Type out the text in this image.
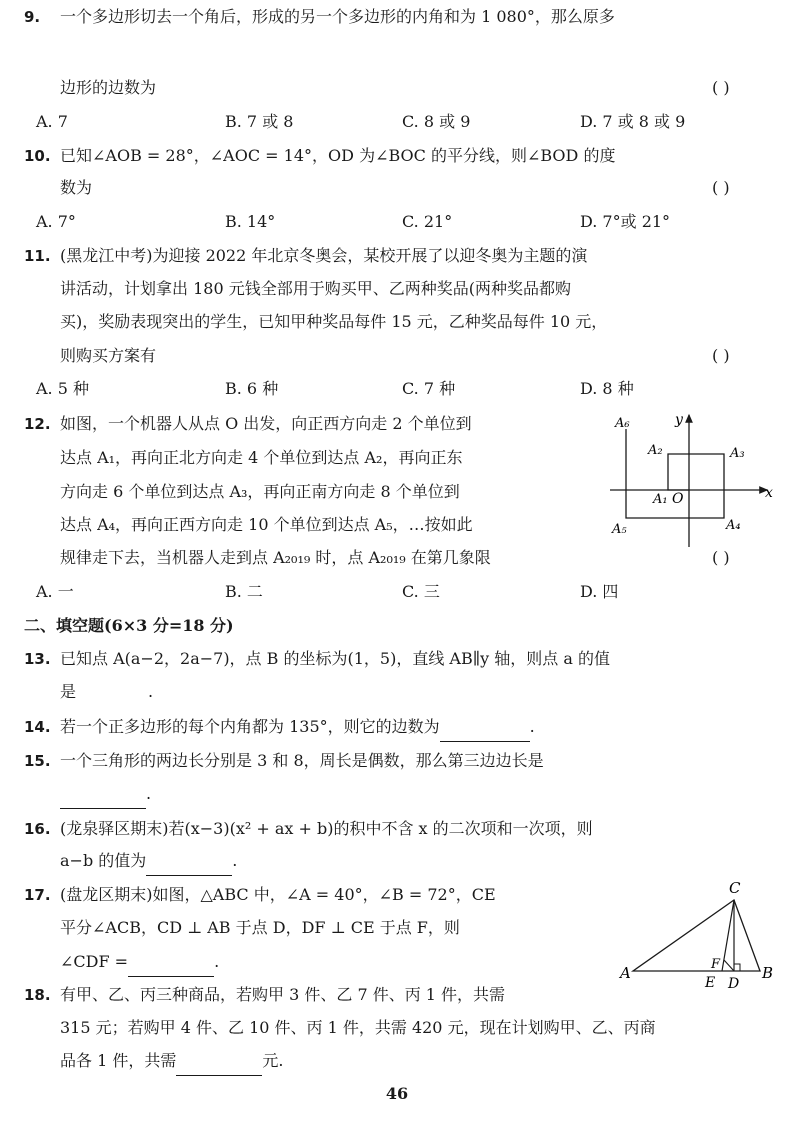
9. 一个多边形切去一个角后，形成的另一个多边形的内角和为 1 080°，那么原多
边形的边数为	( )
A. 7	B. 7 或 8	C. 8 或 9	D. 7 或 8 或 9
10. 已知∠AOB = 28°，∠AOC = 14°，OD 为∠BOC 的平分线，则∠BOD 的度
数为	( )
A. 7°	B. 14°	C. 21°	D. 7°或 21°
11. (黑龙江中考)为迎接 2022 年北京冬奥会，某校开展了以迎冬奥为主题的演
讲活动，计划拿出 180 元钱全部用于购买甲、乙两种奖品(两种奖品都购
买)，奖励表现突出的学生，已知甲种奖品每件 15 元，乙种奖品每件 10 元，
则购买方案有	( )
A. 5 种	B. 6 种	C. 7 种	D. 8 种
12. 如图，一个机器人从点 O 出发，向正西方向走 2 个单位到
达点 A₁，再向正北方向走 4 个单位到达点 A₂，再向正东
方向走 6 个单位到达点 A₃，再向正南方向走 8 个单位到
达点 A₄，再向正西方向走 10 个单位到达点 A₅，…按如此
规律走下去，当机器人走到点 A₂₀₁₉ 时，点 A₂₀₁₉ 在第几象限	( )
A. 一	B. 二	C. 三	D. 四
A₆	y
A₂	A₃
A₁ O	x
A₅	A₄
二、填空题(6×3 分=18 分)
13. 已知点 A(a−2，2a−7)，点 B 的坐标为(1，5)，直线 AB∥y 轴，则点 a 的值
是	.
14. 若一个正多边形的每个内角都为 135°，则它的边数为	.
15. 一个三角形的两边长分别是 3 和 8，周长是偶数，那么第三边边长是
.
16. (龙泉驿区期末)若(x−3)(x² + ax + b)的积中不含 x 的二次项和一次项，则
a−b 的值为	.
17. (盘龙区期末)如图，△ABC 中，∠A = 40°，∠B = 72°，CE
平分∠ACB，CD ⊥ AB 于点 D，DF ⊥ CE 于点 F，则
∠CDF =	.
C
A	B
F
E D
18. 有甲、乙、丙三种商品，若购甲 3 件、乙 7 件、丙 1 件，共需
315 元；若购甲 4 件、乙 10 件、丙 1 件，共需 420 元，现在计划购甲、乙、丙商
品各 1 件，共需	元.
46
